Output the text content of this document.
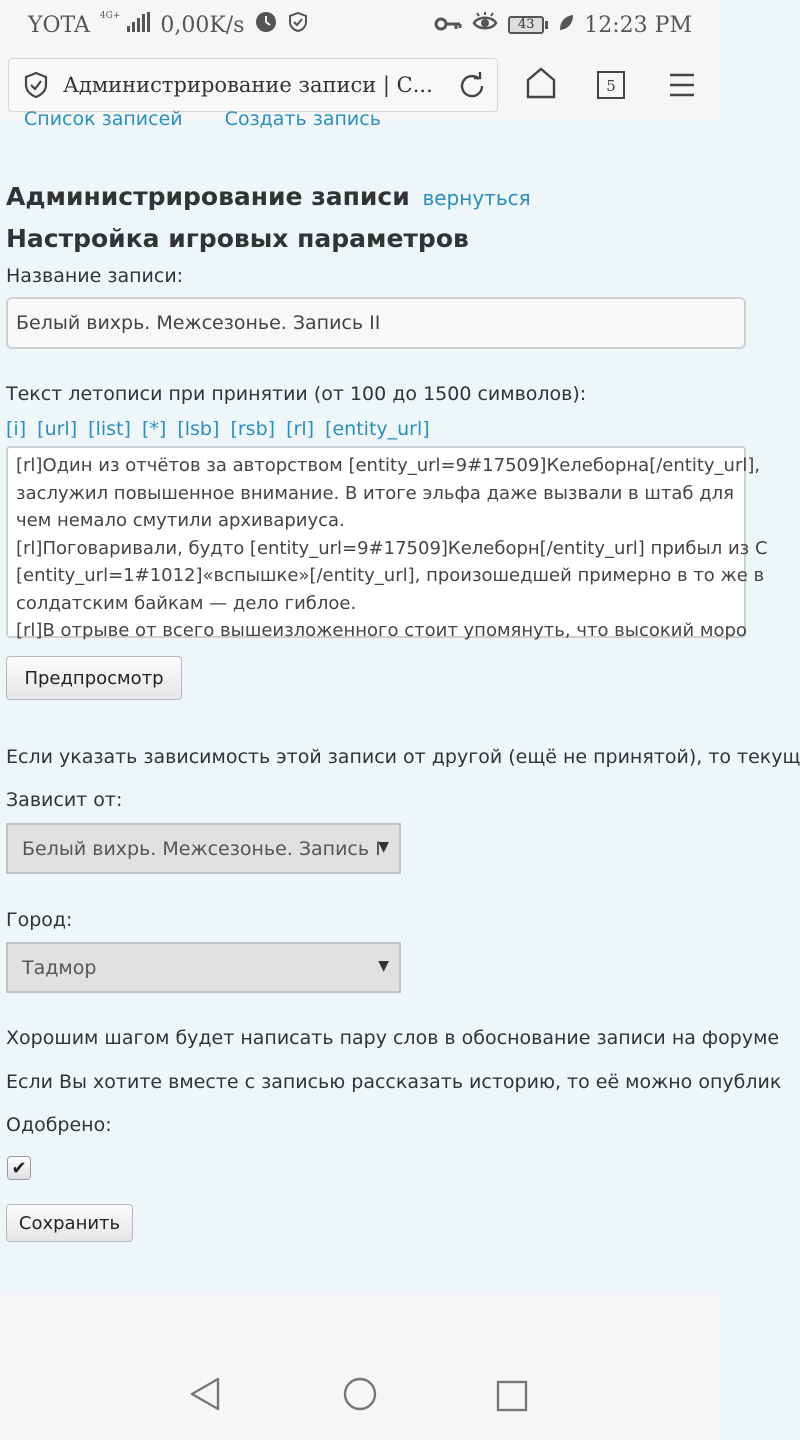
YOTA 4G+	0,00K/s	43	12:23 PM
Администрирование записи | С...	5
Список записей Создать запись
Администрирование записи вернуться
Настройка игровых параметров
Название записи:
Белый вихрь. Межсезонье. Запись II
Текст летописи при принятии (от 100 до 1500 символов):
[i] [url] [list] [*] [lsb] [rsb] [rl] [entity_url]
[rl]Один из отчётов за авторством [entity_url=9#17509]Келеборна[/entity_url],
заслужил повышенное внимание. В итоге эльфа даже вызвали в штаб для
чем немало смутили архивариуса.
[rl]Поговаривали, будто [entity_url=9#17509]Келеборн[/entity_url] прибыл из С
[entity_url=1#1012]«вспышке»[/entity_url], произошедшей примерно в то же в
солдатским байкам — дело гиблое.
[rl]В отрыве от всего вышеизложенного стоит упомянуть, что высокий моро
Предпросмотр
Если указать зависимость этой записи от другой (ещё не принятой), то текущ
Зависит от:
Белый вихрь. Межсезонье. Запись I
▼
Город:
Тадмор	▼
Хорошим шагом будет написать пару слов в обоснование записи на форуме
Если Вы хотите вместе с записью рассказать историю, то её можно опублик
Одобрено:
✔
Сохранить
